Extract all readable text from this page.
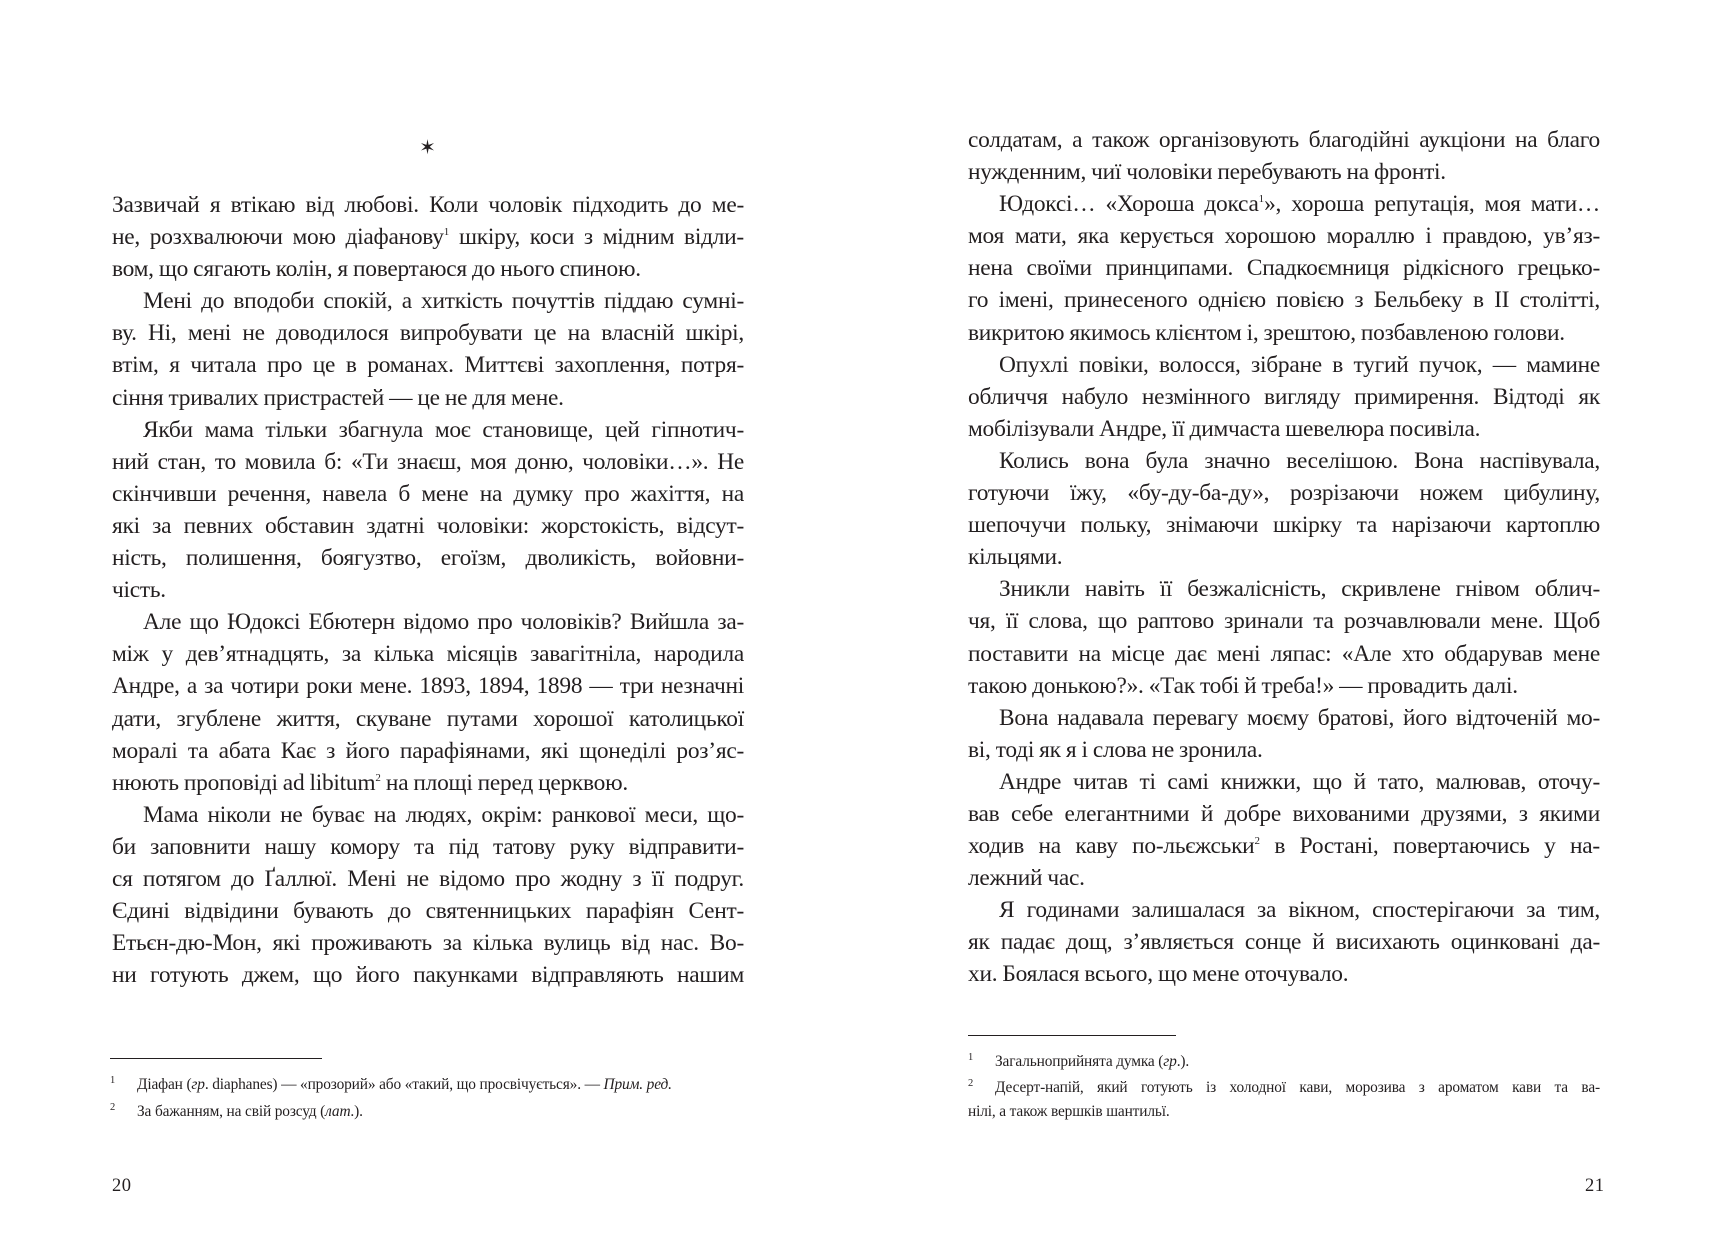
✶
Зазвичай я втікаю від любові. Коли чоловік підходить до ме-
не, розхвалюючи мою діафанову$^1$ шкіру, коси з мідним відли-
вом, що сягають колін, я повертаюся до нього спиною.
Мені до вподоби спокій, а хиткість почуттів піддаю сумні-
ву. Ні, мені не доводилося випробувати це на власній шкірі,
втім, я читала про це в романах. Миттєві захоплення, потря-
сіння тривалих пристрастей — це не для мене.
Якби мама тільки збагнула моє становище, цей гіпнотич-
ний стан, то мовила б: «Ти знаєш, моя доню, чоловіки…». Не
скінчивши речення, навела б мене на думку про жахіття, на
які за певних обставин здатні чоловіки: жорстокість, відсут-
ність, полишення, боягузтво, егоїзм, дволикість, войовни-
чість.
Але що Юдоксі Ебютерн відомо про чоловіків? Вийшла за-
між у дев’ятнадцять, за кілька місяців завагітніла, народила
Андре, а за чотири роки мене. 1893, 1894, 1898 — три незначні
дати, згублене життя, скуване путами хорошої католицької
моралі та абата Кає з його парафіянами, які щонеділі роз’яс-
нюють проповіді ad libitum$^2$ на площі перед церквою.
Мама ніколи не буває на людях, окрім: ранкової меси, що-
би заповнити нашу комору та під татову руку відправити-
ся потягом до Ґаллюї. Мені не відомо про жодну з її подруг.
Єдині відвідини бувають до святенницьких парафіян Сент-
Етьєн-дю-Мон, які проживають за кілька вулиць від нас. Во-
ни готують джем, що його пакунками відправляють нашим
1 Діафан (гр. diaphanes) — «прозорий» або «такий, що просвічується». — Прим. ред.
2 За бажанням, на свій розсуд (лат.).
20
солдатам, а також організовують благодійні аукціони на благо
нужденним, чиї чоловіки перебувають на фронті.
Юдоксі… «Хороша докса$^1$», хороша репутація, моя мати…
моя мати, яка керується хорошою мораллю і правдою, ув’яз-
нена своїми принципами. Спадкоємниця рідкісного грецько-
го імені, принесеного однією повією з Бельбеку в ІІ столітті,
викритою якимось клієнтом і, зрештою, позбавленою голови.
Опухлі повіки, волосся, зібране в тугий пучок, — мамине
обличчя набуло незмінного вигляду примирення. Відтоді як
мобілізували Андре, її димчаста шевелюра посивіла.
Колись вона була значно веселішою. Вона наспівувала,
готуючи їжу, «бу-ду-ба-ду», розрізаючи ножем цибулину,
шепочучи польку, знімаючи шкірку та нарізаючи картоплю
кільцями.
Зникли навіть її безжалісність, скривлене гнівом облич-
чя, її слова, що раптово зринали та розчавлювали мене. Щоб
поставити на місце дає мені ляпас: «Але хто обдарував мене
такою донькою?». «Так тобі й треба!» — провадить далі.
Вона надавала перевагу моєму братові, його відточеній мо-
ві, тоді як я і слова не зронила.
Андре читав ті самі книжки, що й тато, малював, оточу-
вав себе елегантними й добре вихованими друзями, з якими
ходив на каву по-льєжськи$^2$ в Ростані, повертаючись у на-
лежний час.
Я годинами залишалася за вікном, спостерігаючи за тим,
як падає дощ, з’являється сонце й висихають оцинковані да-
хи. Боялася всього, що мене оточувало.
1 Загальноприйнята думка (гр.).
2	Десерт-напій, який готують із холодної кави, морозива з ароматом кави та ва-
нілі, а також вершків шантильї.
21
